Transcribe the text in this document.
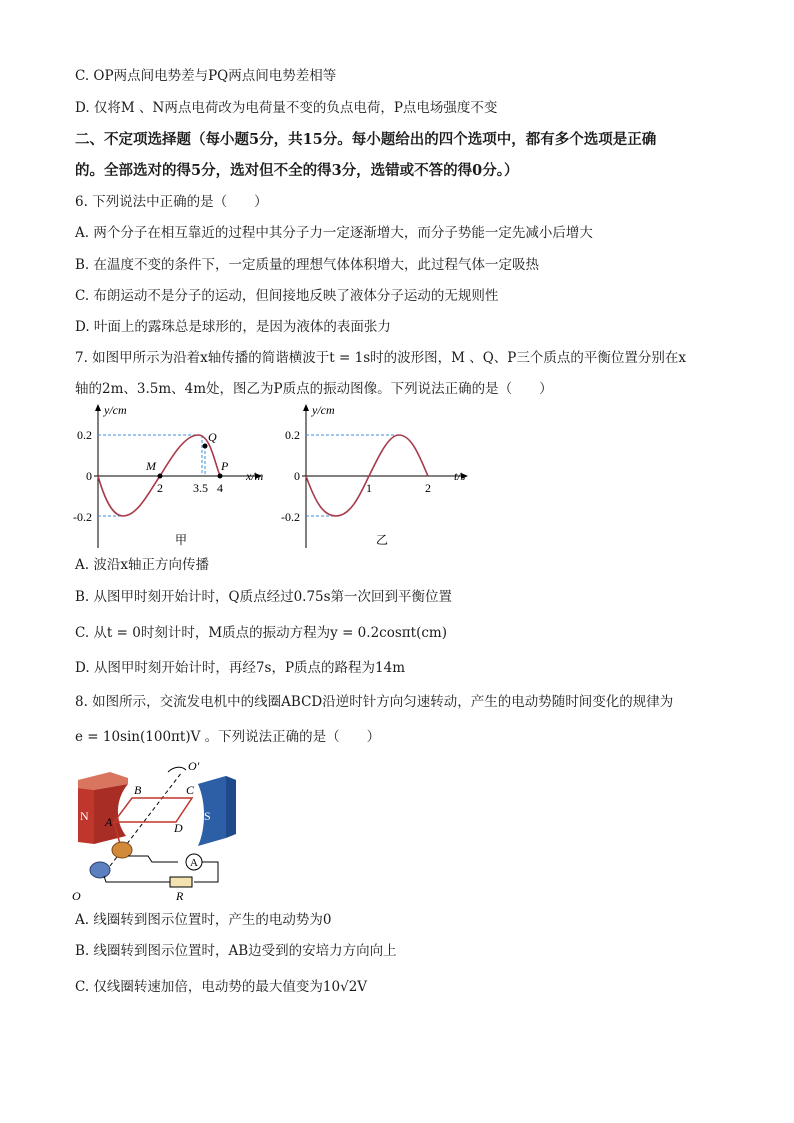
C. OP两点间电势差与PQ两点间电势差相等
D. 仅将M 、N两点电荷改为电荷量不变的负点电荷，P点电场强度不变
二、不定项选择题（每小题5分，共15分。每小题给出的四个选项中，都有多个选项是正确
的。全部选对的得5分，选对但不全的得3分，选错或不答的得0分。）
6. 下列说法中正确的是（　　）
A. 两个分子在相互靠近的过程中其分子力一定逐渐增大，而分子势能一定先减小后增大
B. 在温度不变的条件下，一定质量的理想气体体积增大，此过程气体一定吸热
C. 布朗运动不是分子的运动，但间接地反映了液体分子运动的无规则性
D. 叶面上的露珠总是球形的，是因为液体的表面张力
7. 如图甲所示为沿着x轴传播的简谐横波于t = 1s时的波形图，M 、Q、P三个质点的平衡位置分别在x
轴的2m、3.5m、4m处，图乙为P质点的振动图像。下列说法正确的是（　　）
y/cm
x/m
0.2
0
-0.2
M
Q
P
2	3.5 4
甲
y/cm
t/s
0.2
0
-0.2
1	2
乙
A. 波沿x轴正方向传播
B. 从图甲时刻开始计时，Q质点经过0.75s第一次回到平衡位置
C. 从t = 0时刻计时，M质点的振动方程为y = 0.2cosπt(cm)
D. 从图甲时刻开始计时，再经7s，P质点的路程为14m
8. 如图所示，交流发电机中的线圈ABCD沿逆时针方向匀速转动，产生的电动势随时间变化的规律为
e = 10sin(100πt)V 。下列说法正确的是（　　）
N	S
A
A
B	C
D
O′
O	R
A. 线圈转到图示位置时，产生的电动势为0
B. 线圈转到图示位置时，AB边受到的安培力方向向上
C. 仅线圈转速加倍，电动势的最大值变为10√2V
